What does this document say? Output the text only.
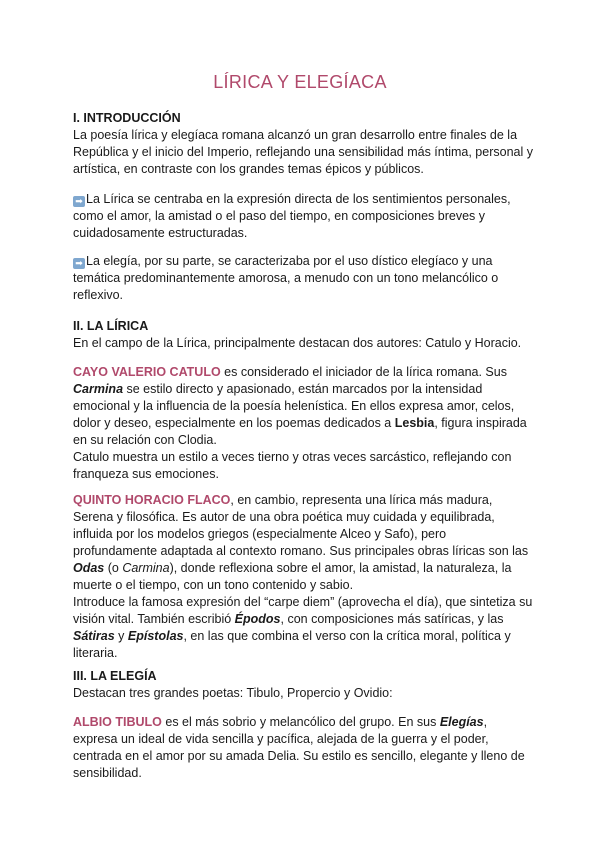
LÍRICA Y ELEGÍACA
I. INTRODUCCIÓN

La poesía lírica y elegíaca romana alcanzó un gran desarrollo entre finales de la República y el inicio del Imperio, reflejando una sensibilidad más íntima, personal y artística, en contraste con los grandes temas épicos y públicos.

➡ La Lírica se centraba en la expresión directa de los sentimientos personales, como el amor, la amistad o el paso del tiempo, en composiciones breves y cuidadosamente estructuradas.

➡ La elegía, por su parte, se caracterizaba por el uso dístico elegíaco y una temática predominantemente amorosa, a menudo con un tono melancólico o reflexivo.

II. LA LÍRICA

En el campo de la Lírica, principalmente destacan dos autores: Catulo y Horacio.

CAYO VALERIO CATULO es considerado el iniciador de la lírica romana. Sus Carmina se estilo directo y apasionado, están marcados por la intensidad emocional y la influencia de la poesía helenística. En ellos expresa amor, celos, dolor y deseo, especialmente en los poemas dedicados a Lesbia, figura inspirada en su relación con Clodia.

Catulo muestra un estilo a veces tierno y otras veces sarcástico, reflejando con franqueza sus emociones.

QUINTO HORACIO FLACO, en cambio, representa una lírica más madura, Serena y filosófica. Es autor de una obra poética muy cuidada y equilibrada, influida por los modelos griegos (especialmente Alceo y Safo), pero profundamente adaptada al contexto romano. Sus principales obras líricas son las Odas (o Carmina), donde reflexiona sobre el amor, la amistad, la naturaleza, la muerte o el tiempo, con un tono contenido y sabio.

Introduce la famosa expresión del “carpe diem” (aprovecha el día), que sintetiza su visión vital. También escribió Épodos, con composiciones más satíricas, y las Sátiras y Epístolas, en las que combina el verso con la crítica moral, política y literaria.

III. LA ELEGÍA

Destacan tres grandes poetas: Tibulo, Propercio y Ovidio:

ALBIO TIBULO es el más sobrio y melancólico del grupo. En sus Elegías, expresa un ideal de vida sencilla y pacífica, alejada de la guerra y el poder, centrada en el amor por su amada Delia. Su estilo es sencillo, elegante y lleno de sensibilidad.
